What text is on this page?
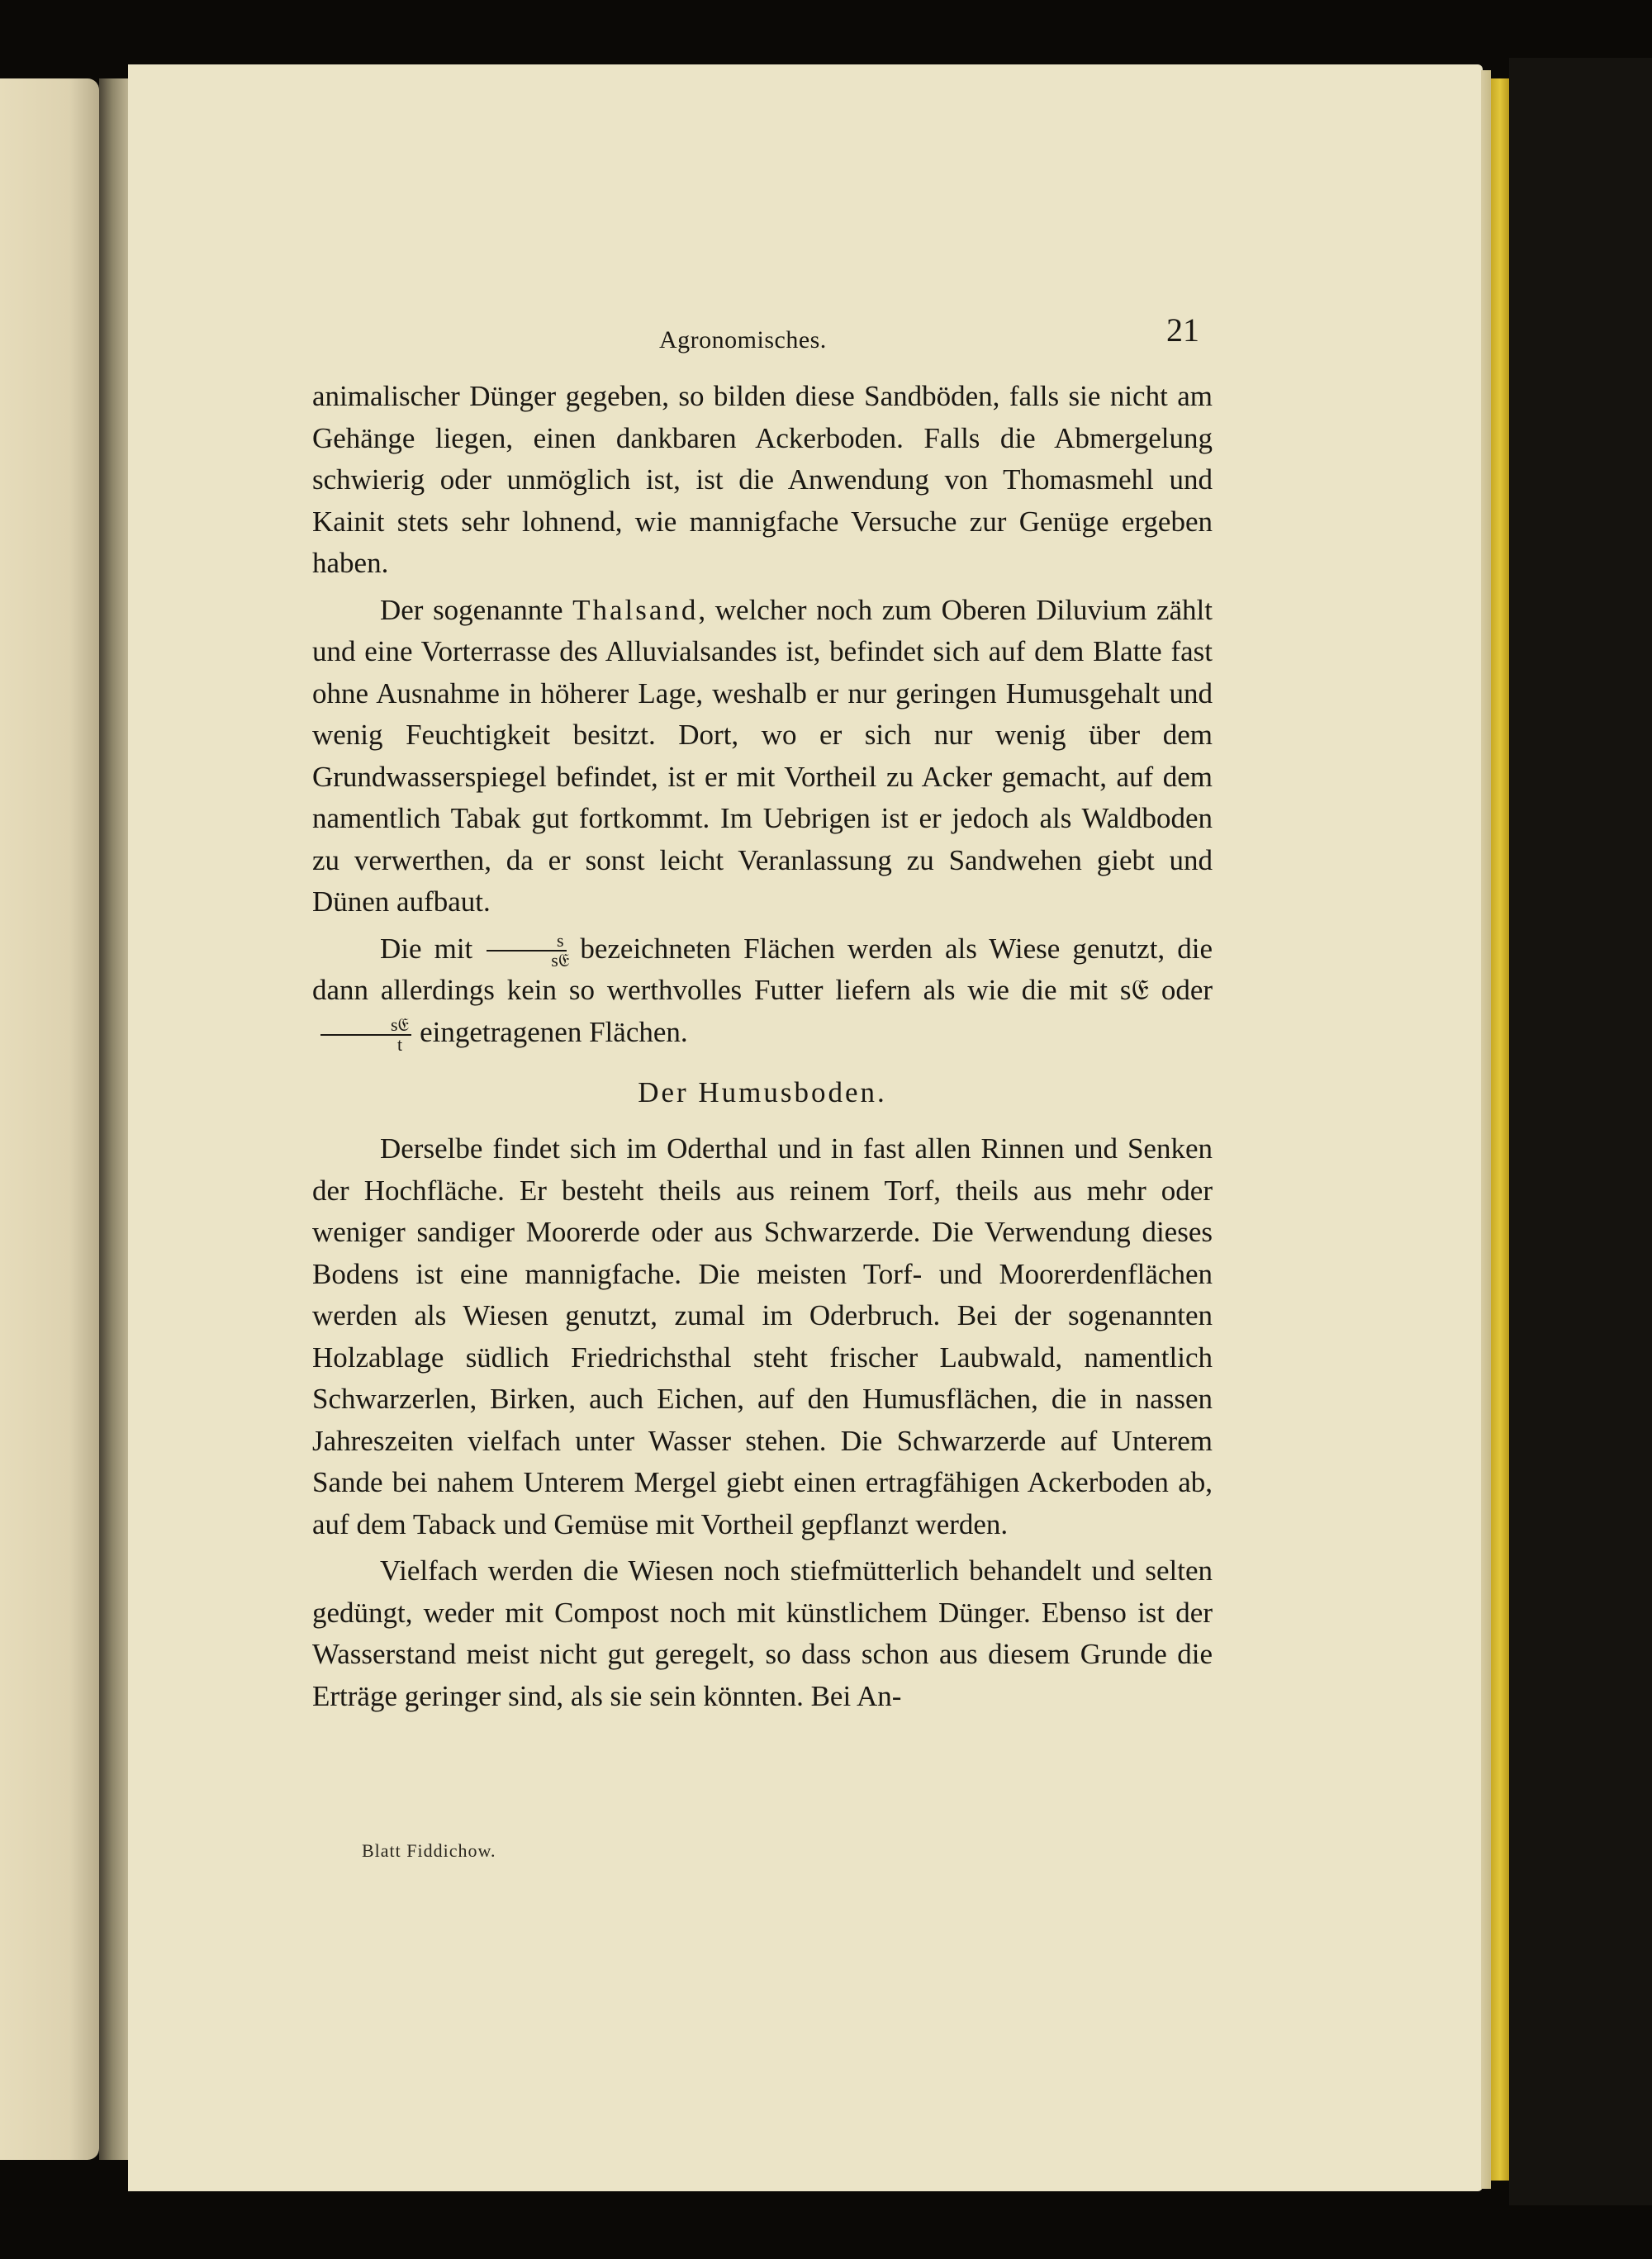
Agronomisches.	21

animalischer Dünger gegeben, so bilden diese Sandböden, falls sie nicht am Gehänge liegen, einen dankbaren Ackerboden. Falls die Abmergelung schwierig oder unmöglich ist, ist die Anwendung von Thomasmehl und Kainit stets sehr lohnend, wie mannigfache Versuche zur Genüge ergeben haben.

Der sogenannte Thalsand, welcher noch zum Oberen Diluvium zählt und eine Vorterrasse des Alluvialsandes ist, befindet sich auf dem Blatte fast ohne Ausnahme in höherer Lage, weshalb er nur geringen Humusgehalt und wenig Feuchtigkeit besitzt. Dort, wo er sich nur wenig über dem Grundwasserspiegel befindet, ist er mit Vortheil zu Acker gemacht, auf dem namentlich Tabak gut fortkommt. Im Uebrigen ist er jedoch als Waldboden zu verwerthen, da er sonst leicht Veranlassung zu Sandwehen giebt und Dünen aufbaut.

Die mit $\frac{s}{\text{s𝔈}}$ bezeichneten Flächen werden als Wiese genutzt, die dann allerdings kein so werthvolles Futter liefern als wie die mit s𝔈 oder
$\frac{\text{s𝔈}}{t}$ eingetragenen Flächen.

Der Humusboden.

Derselbe findet sich im Oderthal und in fast allen Rinnen und Senken der Hochfläche. Er besteht theils aus reinem Torf, theils aus mehr oder weniger sandiger Moorerde oder aus Schwarzerde. Die Verwendung dieses Bodens ist eine mannigfache. Die meisten Torf- und Moorerdenflächen werden als Wiesen genutzt, zumal im Oderbruch. Bei der sogenannten Holzablage südlich Friedrichsthal steht frischer Laubwald, namentlich Schwarzerlen, Birken, auch Eichen, auf den Humusflächen, die in nassen Jahreszeiten vielfach unter Wasser stehen. Die Schwarzerde auf Unterem Sande bei nahem Unterem Mergel giebt einen ertragfähigen Ackerboden ab, auf dem Taback und Gemüse mit Vortheil gepflanzt werden.

Vielfach werden die Wiesen noch stiefmütterlich behandelt und selten gedüngt, weder mit Compost noch mit künstlichem Dünger. Ebenso ist der Wasserstand meist nicht gut geregelt, so dass schon aus diesem Grunde die Erträge geringer sind, als sie sein könnten. Bei An-

Blatt Fiddichow.
